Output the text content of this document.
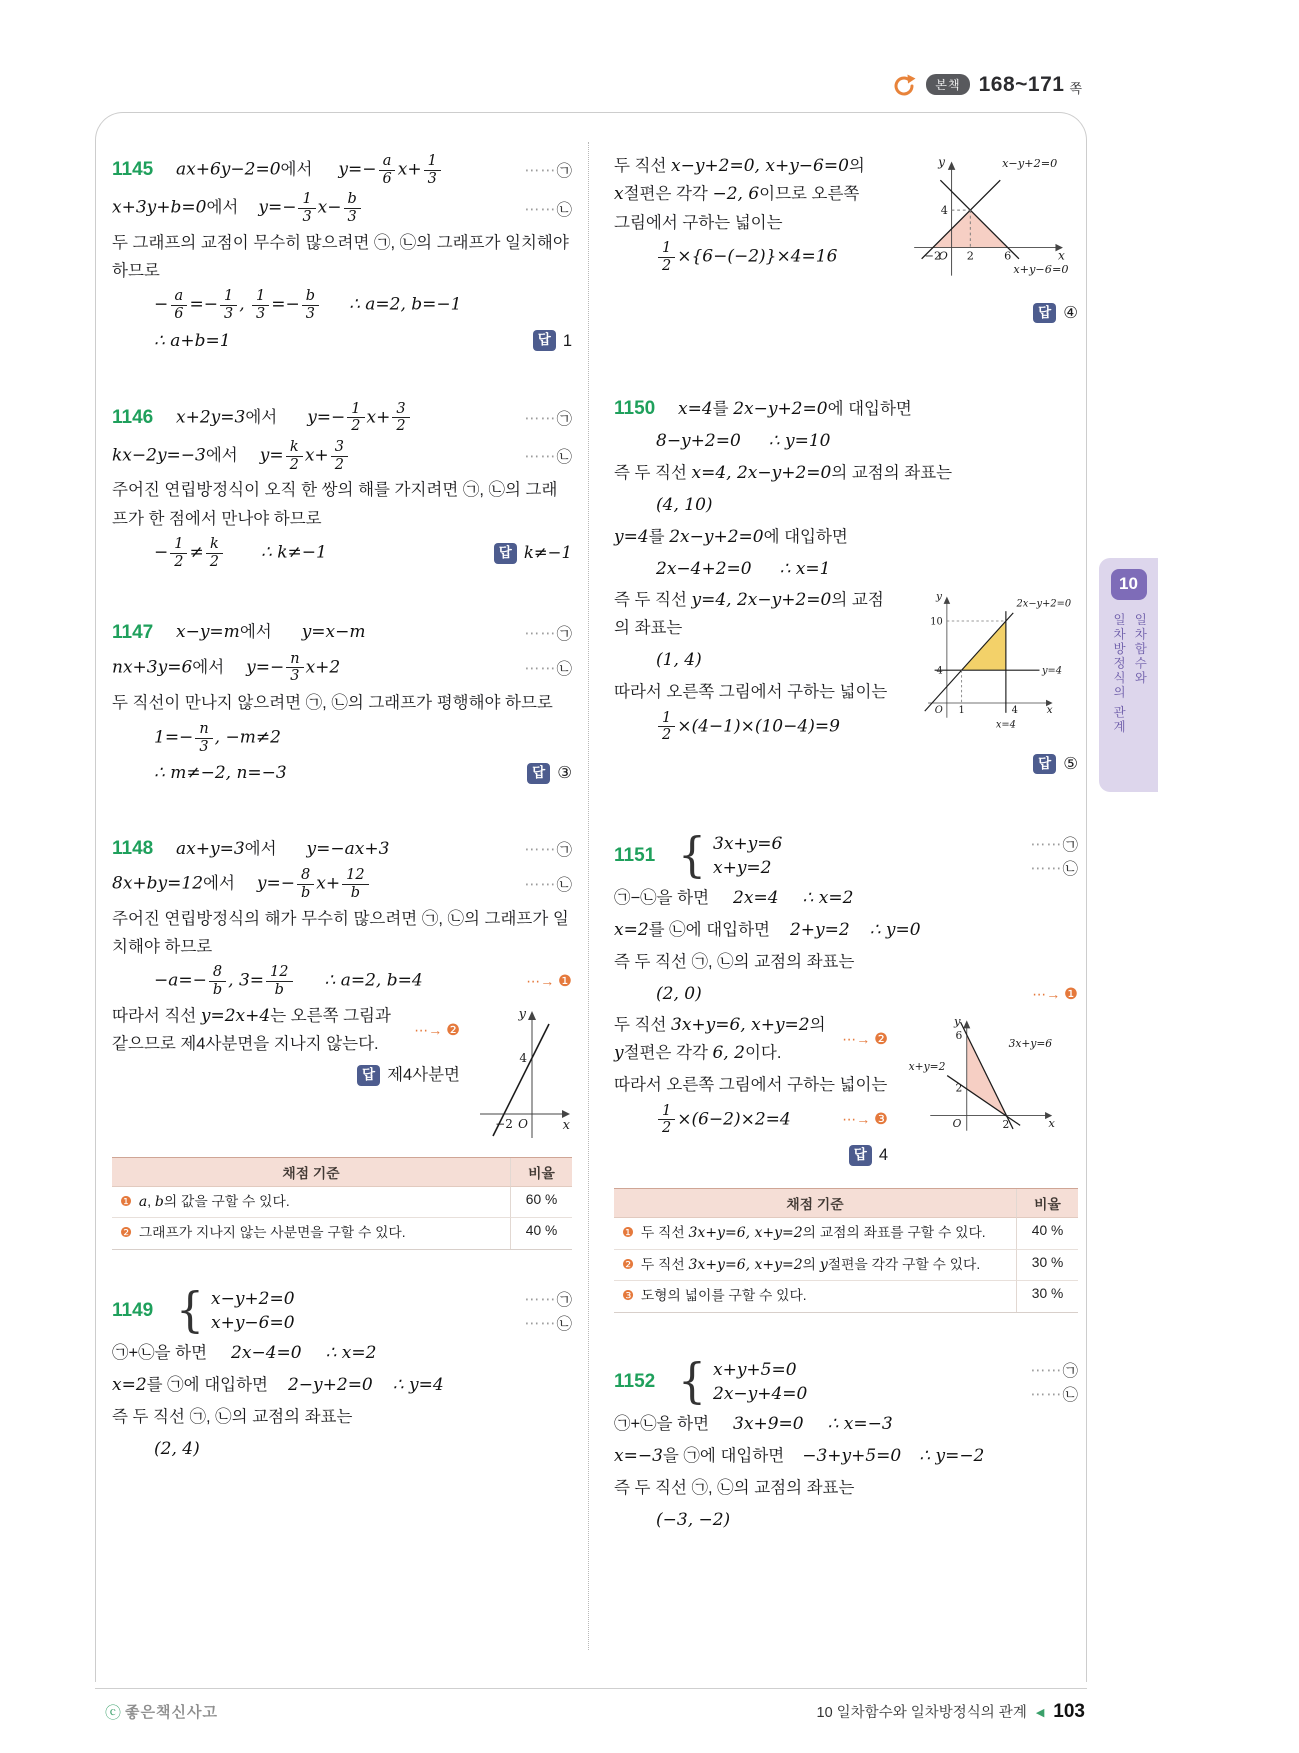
본책 168~171 쪽
1145	ax+6y−2=0에서 $y=- \frac{a}{6} x+ \frac{1}{3}$	⋯⋯ ㉠
x+3y+b=0에서 $y=- \frac{1}{3} x- \frac{b}{3}$	⋯⋯ ㉡
두 그래프의 교점이 무수히 많으려면 ㉠, ㉡의 그래프가 일치해야 하므로
− $\frac{a}{6} =- \frac{1}{3}$ , $\frac{1}{3} =- \frac{b}{3}$ ∴ a=2, b=−1
∴ a+b=1	답 1
1146	x+2y=3에서 $y=- \frac{1}{2} x+ \frac{3}{2}$	⋯⋯ ㉠
kx−2y=−3에서 $y= \frac{k}{2} x+ \frac{3}{2}$	⋯⋯ ㉡
주어진 연립방정식이 오직 한 쌍의 해를 가지려면 ㉠, ㉡의 그래프가 한 점에서 만나야 하므로
− $\frac{1}{2} \ne \frac{k}{2}$ ∴ k≠−1	답 k≠−1
1147	x−y=m에서 y=x−m	⋯⋯ ㉠
nx+3y=6에서 $y=- \frac{n}{3} x+2$	⋯⋯ ㉡
두 직선이 만나지 않으려면 ㉠, ㉡의 그래프가 평행해야 하므로
$1=- \frac{n}{3}$ , −m≠2
∴ m≠−2, n=−3	답 ③
1148	ax+y=3에서 y=−ax+3	⋯⋯ ㉠
8x+by=12에서 $y=- \frac{8}{b} x+ \frac{12}{b}$	⋯⋯ ㉡
주어진 연립방정식의 해가 무수히 많으려면 ㉠, ㉡의 그래프가 일치해야 하므로
$-a=- \frac{8}{b}$ , $3= \frac{12}{b}$ ∴ a=2, b=4	⋯→ ❶
y
4
−2 O	x
따라서 직선 y=2x+4는 오른쪽 그림과 같으므로 제4사분면을 지나지 않는다.
⋯→ ❷
답 제4사분면
채점 기준	비율
❶ a, b의 값을 구할 수 있다.	60 %
❷ 그래프가 지나지 않는 사분면을 구할 수 있다.	40 %
1149 { x−y+2=0	⋯⋯ ㉠
x+y−6=0	⋯⋯ ㉡
㉠+㉡을 하면 2x−4=0 ∴ x=2
x=2를 ㉠에 대입하면 2−y+2=0 ∴ y=4
즉 두 직선 ㉠, ㉡의 교점의 좌표는
(2, 4)
y	x−y+2=0
4
−2
O 2	6	x
x+y−6=0
두 직선 x−y+2=0, x+y−6=0의 x절편은 각각 −2, 6이므로 오른쪽 그림에서 구하는 넓이는
$\frac{1}{2} \times\{6-(-2)\}\times 4=16$
답 ④
1150	x=4를 2x−y+2=0에 대입하면
8−y+2=0 ∴ y=10
즉 두 직선 x=4, 2x−y+2=0의 교점의 좌표는
(4, 10)
y=4를 2x−y+2=0에 대입하면
2x−4+2=0 ∴ x=1
y
2x−y+2=0
10
4	y=4
O 1	4 x
x=4
즉 두 직선 y=4, 2x−y+2=0의 교점의 좌표는
(1, 4)
따라서 오른쪽 그림에서 구하는 넓이는
$\frac{1}{2} \times(4-1)\times(10-4)=9$
답 ⑤
1151 { 3x+y=6	⋯⋯ ㉠
x+y=2	⋯⋯ ㉡
㉠−㉡을 하면 2x=4 ∴ x=2
x=2를 ㉡에 대입하면 2+y=2 ∴ y=0
즉 두 직선 ㉠, ㉡의 교점의 좌표는
(2, 0)	⋯→ ❶
y
3x+y=6
6
2
x+y=2
O	2	x
두 직선 3x+y=6, x+y=2의 y절편은 각각 6, 2이다.
⋯→ ❷
따라서 오른쪽 그림에서 구하는 넓이는
$\frac{1}{2} \times(6-2)\times 2=4$	⋯→ ❸
답 4
채점 기준	비율
❶ 두 직선 3x+y=6, x+y=2의 교점의 좌표를 구할 수 있다.	40 %
❷ 두 직선 3x+y=6, x+y=2의 y절편을 각각 구할 수 있다.	30 %
❸ 도형의 넓이를 구할 수 있다.	30 %
1152 { x+y+5=0	⋯⋯ ㉠
2x−y+4=0	⋯⋯ ㉡
㉠+㉡을 하면 3x+9=0 ∴ x=−3
x=−3을 ㉠에 대입하면 −3+y+5=0 ∴ y=−2
즉 두 직선 ㉠, ㉡의 교점의 좌표는
(−3, −2)
10
일차함수와 일차방정식의 관계
ⓒ 좋은책신사고	10 일차함수와 일차방정식의 관계 ◀ 103
